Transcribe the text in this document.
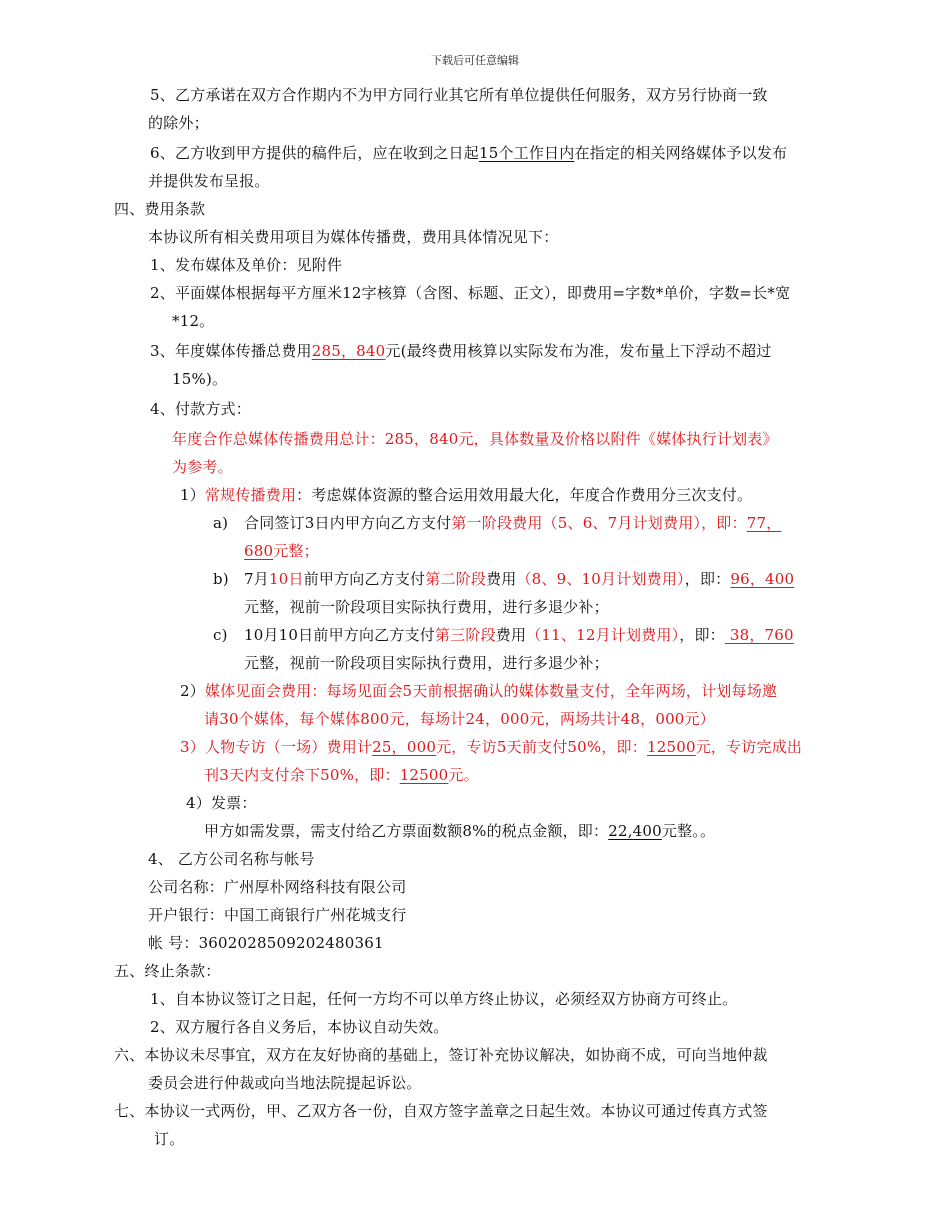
下载后可任意编辑
5、乙方承诺在双方合作期内不为甲方同行业其它所有单位提供任何服务，双方另行协商一致
的除外；
6、乙方收到甲方提供的稿件后，应在收到之日起15个工作日内在指定的相关网络媒体予以发布
并提供发布呈报。
四、费用条款
本协议所有相关费用项目为媒体传播费，费用具体情况见下：
1、发布媒体及单价：见附件
2、平面媒体根据每平方厘米12字核算（含图、标题、正文），即费用=字数*单价，字数=长*宽
*12。
3、年度媒体传播总费用285，840元(最终费用核算以实际发布为准，发布量上下浮动不超过
15%)。
4、付款方式：
年度合作总媒体传播费用总计：285，840元，具体数量及价格以附件《媒体执行计划表》
为参考。
1）常规传播费用：考虑媒体资源的整合运用效用最大化，年度合作费用分三次支付。
a) 合同签订3日内甲方向乙方支付第一阶段费用（5、6、7月计划费用），即：77，
680元整；
b) 7月10日前甲方向乙方支付第二阶段费用（8、9、10月计划费用），即：96，400
元整，视前一阶段项目实际执行费用，进行多退少补；
c) 10月10日前甲方向乙方支付第三阶段费用（11、12月计划费用），即： 38，760
元整，视前一阶段项目实际执行费用，进行多退少补；
2）媒体见面会费用：每场见面会5天前根据确认的媒体数量支付，全年两场，计划每场邀
请30个媒体，每个媒体800元，每场计24，000元，两场共计48，000元）
3）人物专访（一场）费用计25，000元，专访5天前支付50%，即：12500元，专访完成出
刊3天内支付余下50%，即：12500元。
4）发票：
甲方如需发票，需支付给乙方票面数额8%的税点金额，即：22,400元整。。
4、 乙方公司名称与帐号
公司名称：广州厚朴网络科技有限公司
开户银行：中国工商银行广州花城支行
帐 号：3602028509202480361
五、终止条款：
1、自本协议签订之日起，任何一方均不可以单方终止协议，必须经双方协商方可终止。
2、双方履行各自义务后，本协议自动失效。
六、本协议未尽事宜，双方在友好协商的基础上，签订补充协议解决，如协商不成，可向当地仲裁
委员会进行仲裁或向当地法院提起诉讼。
七、本协议一式两份，甲、乙双方各一份，自双方签字盖章之日起生效。本协议可通过传真方式签
订。
